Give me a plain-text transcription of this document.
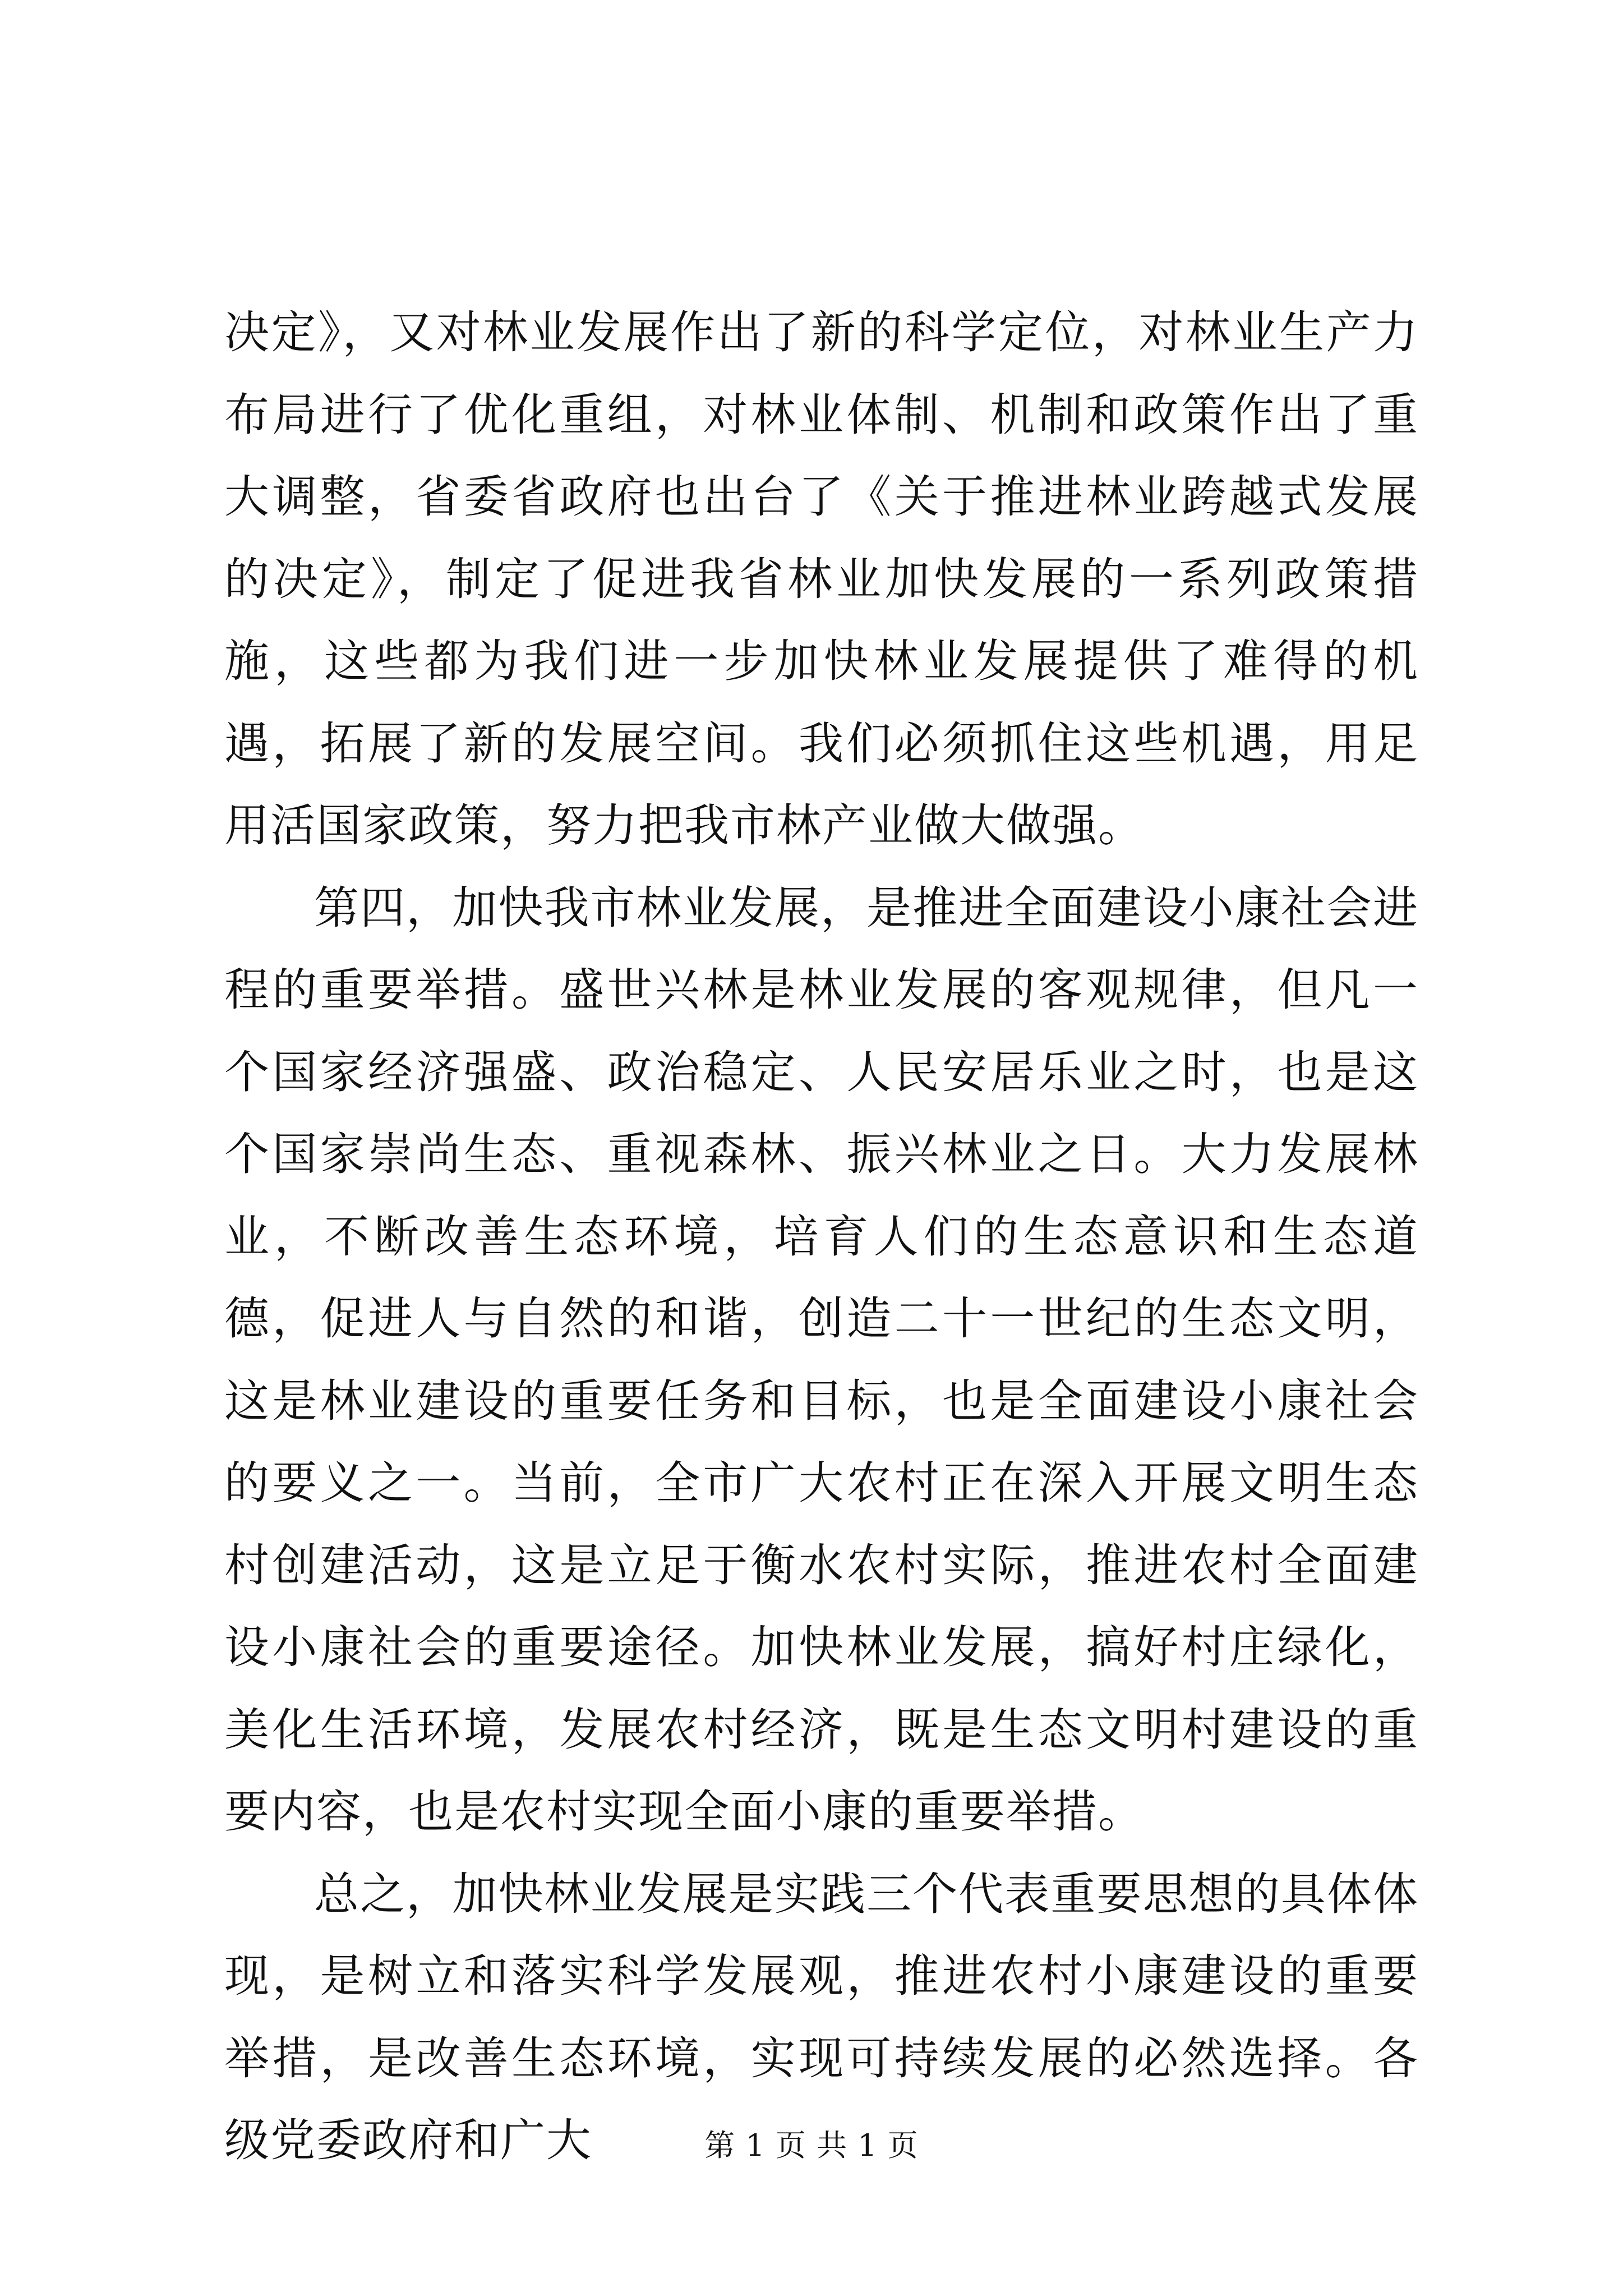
决定》，又对林业发展作出了新的科学定位，对林业生产力布局进行了优化重组，对林业体制、机制和政策作出了重大调整，省委省政府也出台了《关于推进林业跨越式发展的决定》，制定了促进我省林业加快发展的一系列政策措施，这些都为我们进一步加快林业发展提供了难得的机遇，拓展了新的发展空间。我们必须抓住这些机遇，用足用活国家政策，努力把我市林产业做大做强。

第四，加快我市林业发展，是推进全面建设小康社会进程的重要举措。盛世兴林是林业发展的客观规律，但凡一个国家经济强盛、政治稳定、人民安居乐业之时，也是这个国家崇尚生态、重视森林、振兴林业之日。大力发展林业，不断改善生态环境，培育人们的生态意识和生态道德，促进人与自然的和谐，创造二十一世纪的生态文明，这是林业建设的重要任务和目标，也是全面建设小康社会的要义之一。当前，全市广大农村正在深入开展文明生态村创建活动，这是立足于衡水农村实际，推进农村全面建设小康社会的重要途径。加快林业发展，搞好村庄绿化，美化生活环境，发展农村经济，既是生态文明村建设的重要内容，也是农村实现全面小康的重要举措。

总之，加快林业发展是实践三个代表重要思想的具体体现，是树立和落实科学发展观，推进农村小康建设的重要举措，是改善生态环境，实现可持续发展的必然选择。各级党委政府和广大	第 1 页 共 1 页
